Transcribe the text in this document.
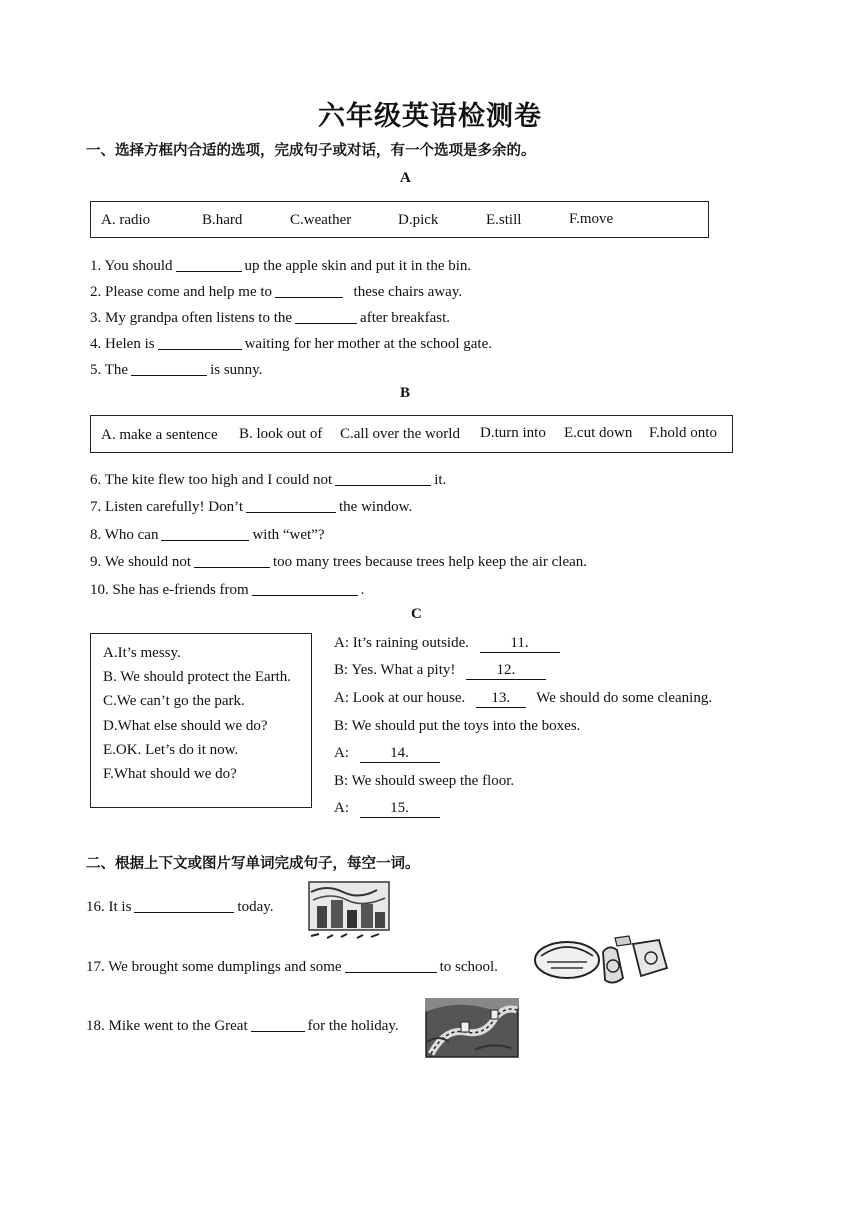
六年级英语检测卷
一、选择方框内合适的选项，完成句子或对话，有一个选项是多余的。
A
A. radio	B.hard	C.weather	D.pick	E.still	F.move
1. You should	up the apple skin and put it in the bin.
2. Please come and help me to	these chairs away.
3. My grandpa often listens to the	after breakfast.
4. Helen is	waiting for her mother at the school gate.
5. The	is sunny.
B
A. make a sentence B. look out of C.all over the world D.turn into E.cut down F.hold onto
6. The kite flew too high and I could not	it.
7. Listen carefully! Don’t	the window.
8. Who can	with “wet”?
9. We should not	too many trees because trees help keep the air clean.
10. She has e-friends from	.
C
A.It’s messy.
B. We should protect the Earth.
C.We can’t go the park.
D.What else should we do?
E.OK. Let’s do it now.
F.What should we do?
A: It’s raining outside.	11.
B: Yes. What a pity!	12.
A: Look at our house. 13. We should do some cleaning.
B: We should put the toys into the boxes.
A:	14.
B: We should sweep the floor.
A:	15.
二、根据上下文或图片写单词完成句子，每空一词。
16. It is	today.
17. We brought some dumplings and some	to school.
18. Mike went to the Great	for the holiday.
